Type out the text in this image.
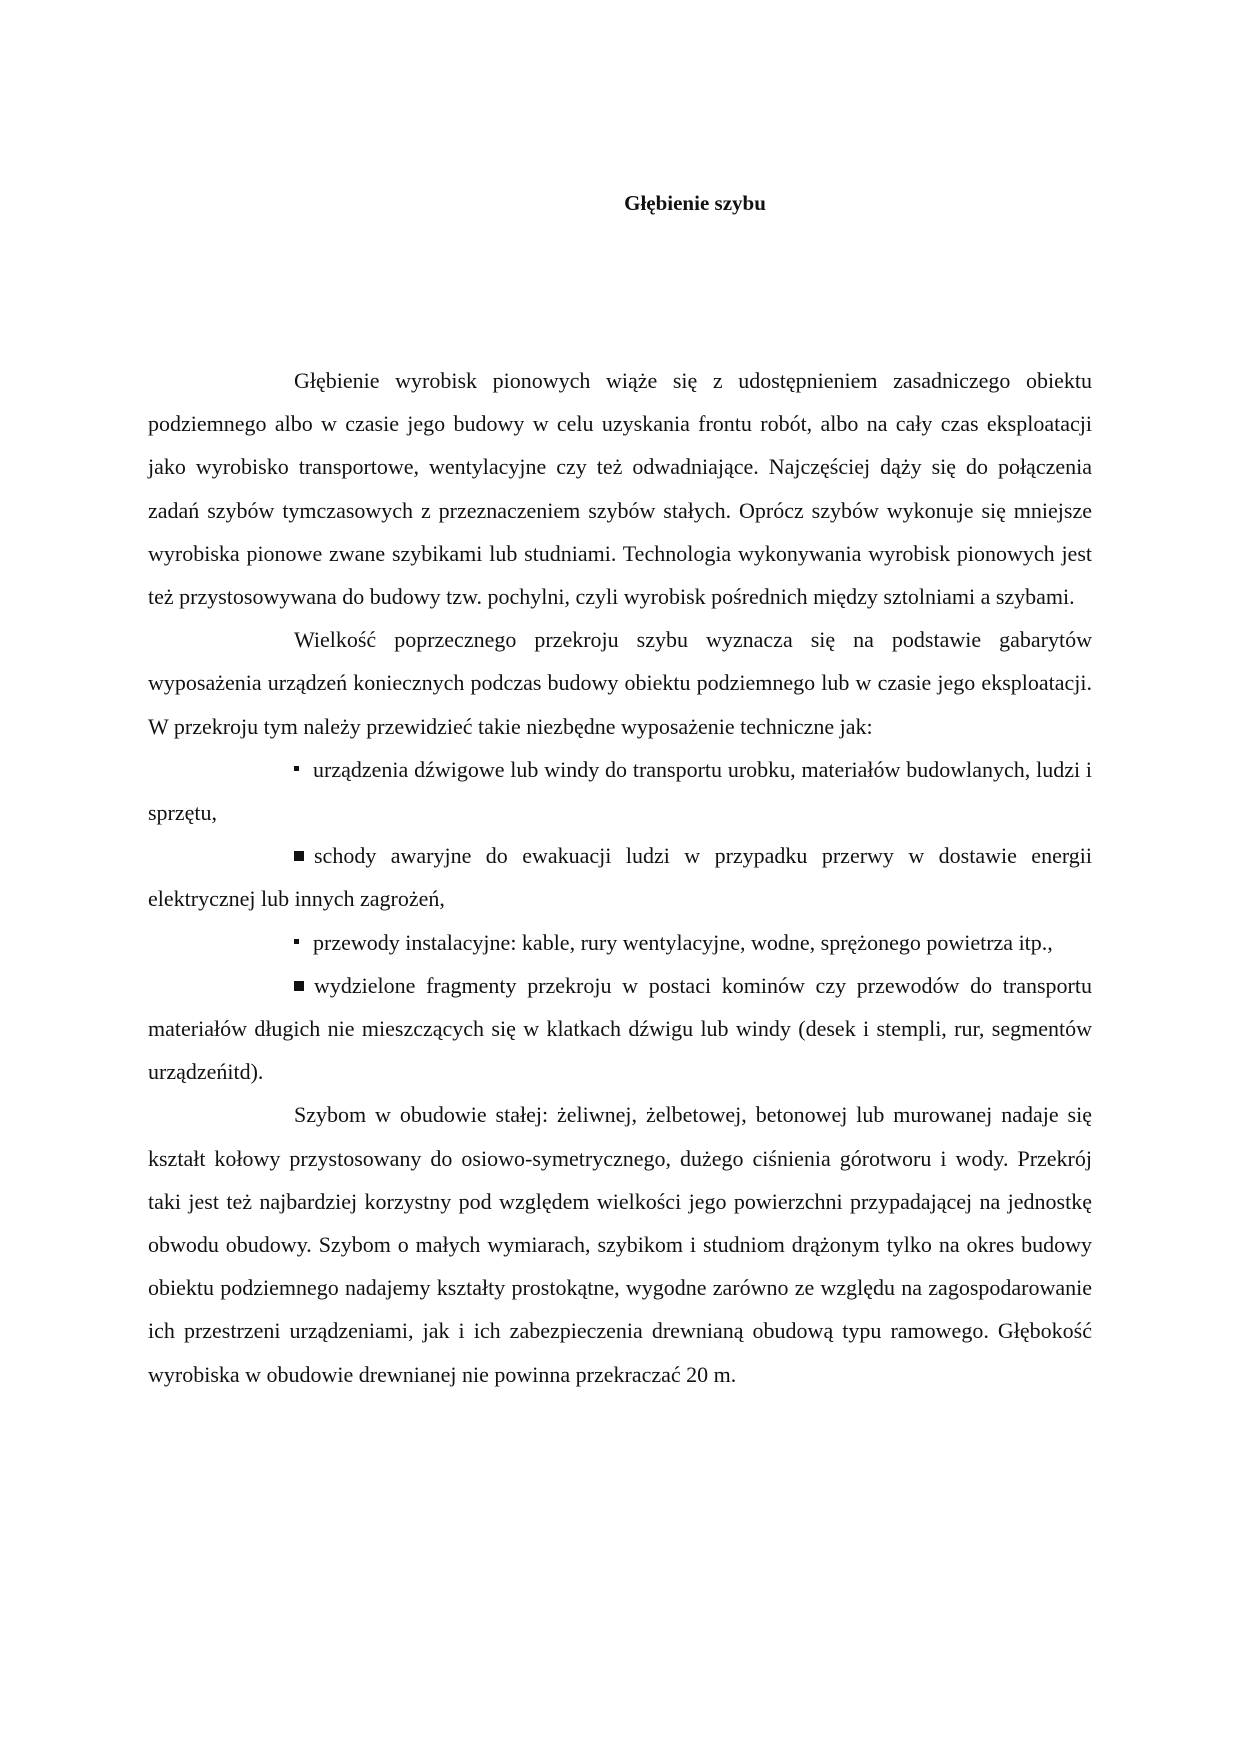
Głębienie szybu

Głębienie wyrobisk pionowych wiąże się z udostępnieniem zasadniczego obiektu podziemnego albo w czasie jego budowy w celu uzyskania frontu robót, albo na cały czas eksploatacji jako wyrobisko transportowe, wentylacyjne czy też odwadniające. Najczęściej dąży się do połączenia zadań szybów tymczasowych z przeznaczeniem szybów stałych. Oprócz szybów wykonuje się mniejsze wyrobiska pionowe zwane szybikami lub studniami. Technologia wykonywania wyrobisk pionowych jest też przystosowywana do budowy tzw. pochylni, czyli wyrobisk pośrednich między sztolniami a szybami.

Wielkość poprzecznego przekroju szybu wyznacza się na podstawie gabarytów wyposażenia urządzeń koniecznych podczas budowy obiektu podziemnego lub w czasie jego eksploatacji. W przekroju tym należy przewidzieć takie niezbędne wyposażenie techniczne jak:

urządzenia dźwigowe lub windy do transportu urobku, materiałów budowlanych, ludzi i sprzętu,

schody awaryjne do ewakuacji ludzi w przypadku przerwy w dostawie energii elektrycznej lub innych zagrożeń,

przewody instalacyjne: kable, rury wentylacyjne, wodne, sprężonego powietrza itp.,

wydzielone fragmenty przekroju w postaci kominów czy przewodów do transportu materiałów długich nie mieszczących się w klatkach dźwigu lub windy (desek i stempli, rur, segmentów urządzeńitd).

Szybom w obudowie stałej: żeliwnej, żelbetowej, betonowej lub murowanej nadaje się kształt kołowy przystosowany do osiowo-symetrycznego, dużego ciśnienia górotworu i wody. Przekrój taki jest też najbardziej korzystny pod względem wielkości jego powierzchni przypadającej na jednostkę obwodu obudowy. Szybom o małych wymiarach, szybikom i studniom drążonym tylko na okres budowy obiektu podziemnego nadajemy kształty prostokątne, wygodne zarówno ze względu na zagospodarowanie ich przestrzeni urządzeniami, jak i ich zabezpieczenia drewnianą obudową typu ramowego. Głębokość wyrobiska w obudowie drewnianej nie powinna przekraczać 20 m.
